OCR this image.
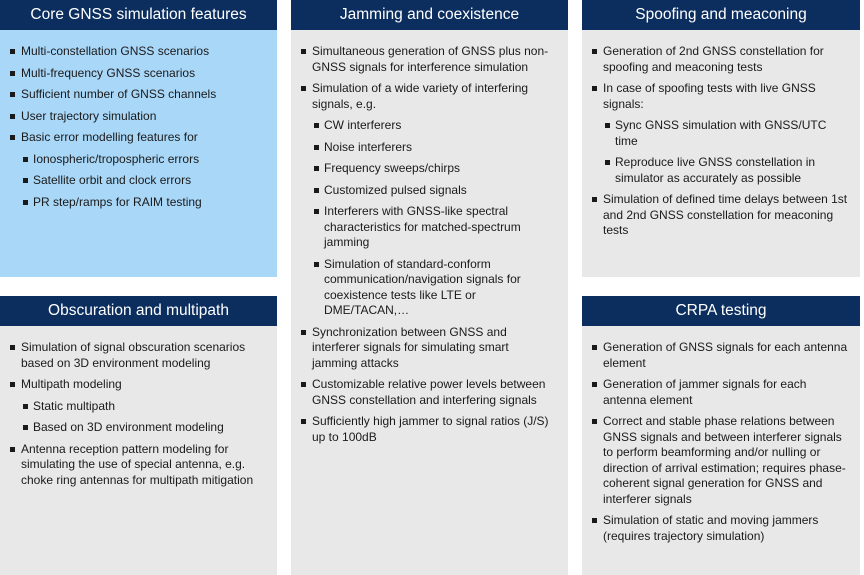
Core GNSS simulation features
Multi-constellation GNSS scenarios
Multi-frequency GNSS scenarios
Sufficient number of GNSS channels
User trajectory simulation
Basic error modelling features for
Ionospheric/tropospheric errors
Satellite orbit and clock errors
PR step/ramps for RAIM testing
Obscuration and multipath
Simulation of signal obscuration scenarios based on 3D environment modeling
Multipath modeling
Static multipath
Based on 3D environment modeling
Antenna reception pattern modeling for simulating the use of special antenna, e.g. choke ring antennas for multipath mitigation
Jamming and coexistence
Simultaneous generation of GNSS plus non-GNSS signals for interference simulation
Simulation of a wide variety of interfering signals, e.g.
CW interferers
Noise interferers
Frequency sweeps/chirps
Customized pulsed signals
Interferers with GNSS-like spectral characteristics for matched-spectrum jamming
Simulation of standard-conform communication/navigation signals for coexistence tests like LTE or DME/TACAN,…
Synchronization between GNSS and interferer signals for simulating smart jamming attacks
Customizable relative power levels between GNSS constellation and interfering signals
Sufficiently high jammer to signal ratios (J/S) up to 100dB
Spoofing and meaconing
Generation of 2nd GNSS constellation for spoofing and meaconing tests
In case of spoofing tests with live GNSS signals:
Sync GNSS simulation with GNSS/UTC time
Reproduce live GNSS constellation in simulator as accurately as possible
Simulation of defined time delays between 1st and 2nd GNSS constellation for meaconing tests
CRPA testing
Generation of GNSS signals for each antenna element
Generation of jammer signals for each antenna element
Correct and stable phase relations between GNSS signals and between interferer signals to perform beamforming and/or nulling or direction of arrival estimation; requires phase-coherent signal generation for GNSS and interferer signals
Simulation of static and moving jammers (requires trajectory simulation)
